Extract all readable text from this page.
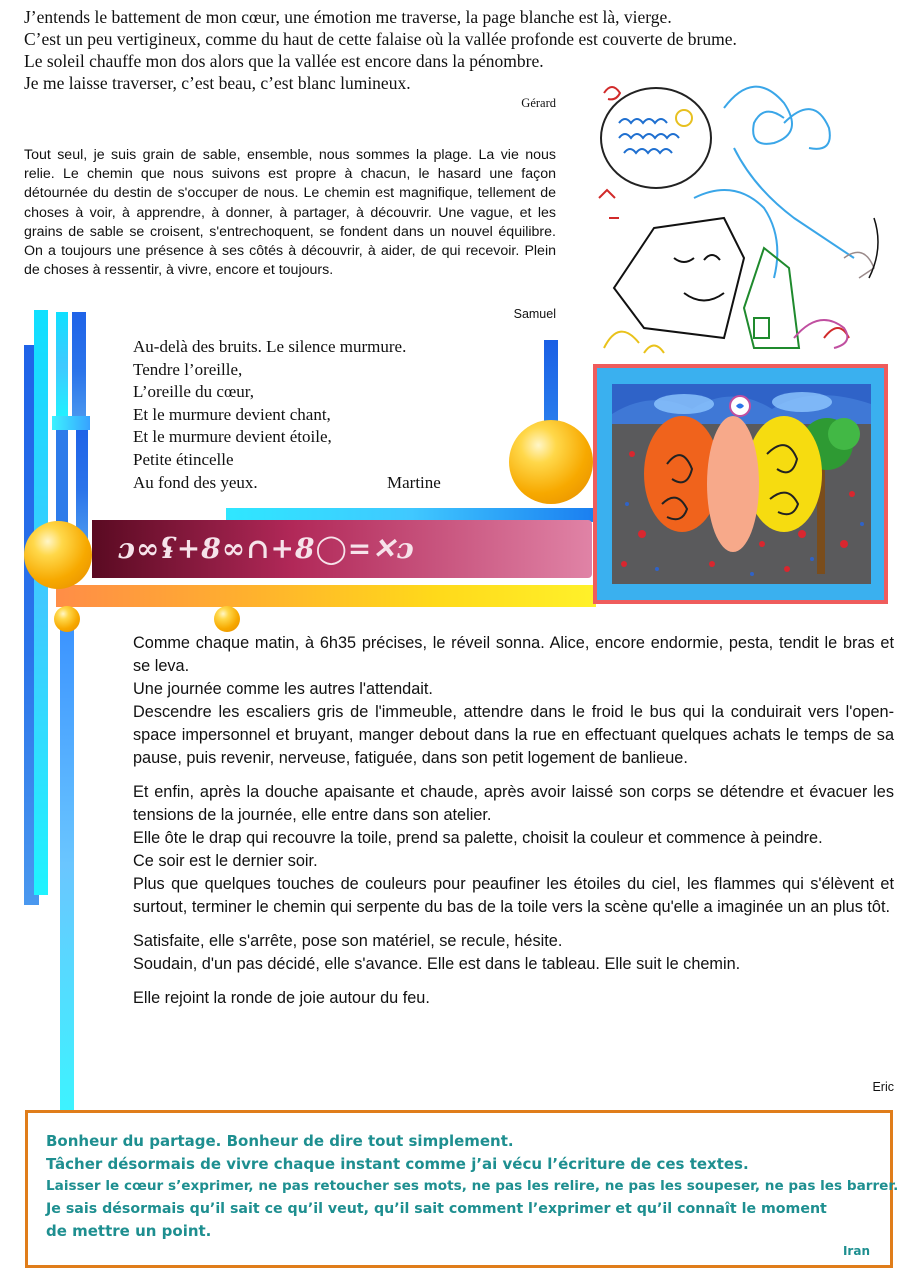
J’entends le battement de mon cœur, une émotion me traverse, la page blanche est là, vierge.

C’est un peu vertigineux, comme du haut de cette falaise où la vallée profonde est couverte de brume.

Le soleil chauffe mon dos alors que la vallée est encore dans la pénombre.

Je me laisse traverser, c’est beau, c’est blanc lumineux.

Gérard

Tout seul, je suis grain de sable, ensemble, nous sommes la plage. La vie nous relie. Le chemin que nous suivons est propre à chacun, le hasard une façon détournée du destin de s'occuper de nous. Le chemin est magnifique, tellement de choses à voir, à apprendre, à donner, à partager, à découvrir. Une vague, et les grains de sable se croisent, s'entrechoquent, se fondent dans un nouvel équilibre. On a toujours une présence à ses côtés à découvrir, à aider, de qui recevoir. Plein de choses à ressentir, à vivre, encore et toujours.

Samuel
ɔ∞ʢ+8∞∩+8◯=✕ɔ

Au-delà des bruits. Le silence murmure.

Tendre l’oreille,

L’oreille du cœur,

Et le murmure devient chant,

Et le murmure devient étoile,

Petite étincelle

Au fond des yeux.	Martine

Comme chaque matin, à 6h35 précises, le réveil sonna. Alice, encore endormie, pesta, tendit le bras et se leva.
Une journée comme les autres l'attendait.
Descendre les escaliers gris de l'immeuble, attendre dans le froid le bus qui la conduirait vers l'open-space impersonnel et bruyant, manger debout dans la rue en effectuant quelques achats le temps de sa pause, puis revenir, nerveuse, fatiguée, dans son petit logement de banlieue.

Et enfin, après la douche apaisante et chaude, après avoir laissé son corps se détendre et évacuer les tensions de la journée, elle entre dans son atelier.
Elle ôte le drap qui recouvre la toile, prend sa palette, choisit la couleur et commence à peindre.
Ce soir est le dernier soir.
Plus que quelques touches de couleurs pour peaufiner les étoiles du ciel, les flammes qui s'élèvent et surtout, terminer le chemin qui serpente du bas de la toile vers la scène qu'elle a imaginée un an plus tôt.

Satisfaite, elle s'arrête, pose son matériel, se recule, hésite.
Soudain, d'un pas décidé, elle s'avance. Elle est dans le tableau. Elle suit le chemin.

Elle rejoint la ronde de joie autour du feu.

Eric

Bonheur du partage. Bonheur de dire tout simplement.

Tâcher désormais de vivre chaque instant comme j’ai vécu l’écriture de ces textes.

Laisser le cœur s’exprimer, ne pas retoucher ses mots, ne pas les relire, ne pas les soupeser, ne pas les barrer.

Je sais désormais qu’il sait ce qu’il veut, qu’il sait comment l’exprimer et qu’il connaît le moment

de mettre un point.

Iran
